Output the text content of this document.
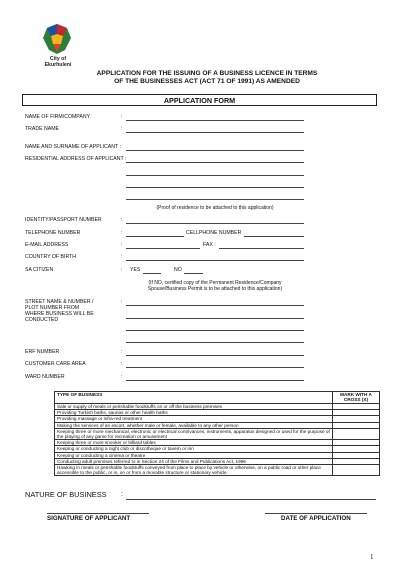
City of
Ekurhuleni
APPLICATION FOR THE ISSUING OF A BUSINESS LICENCE IN TERMS
OF THE BUSINESSES ACT (ACT 71 OF 1991) AS AMENDED
APPLICATION FORM
NAME OF FIRM/COMPANY	:
TRADE NAME	:
NAME AND SURNAME OF APPLICANT :
RESIDENTIAL ADDRESS OF APPLICANT :
(Proof of residence to be attached to this application)
IDENTITY/PASSPORT NUMBER	:
TELEPHONE NUMBER	:	CELLPHONE NUMBER
E-MAIL ADDRESS	:	FAX :
COUNTRY OF BIRTH	:
SA CITIZEN	: YES	NO
(If NO, certified copy of the Permanent Residence/Company
Spouse/Business Permit is to be attached to this application)
STREET NAME & NUMBER /
PLOT NUMBER FROM
WHERE BUSINESS WILL BE
CONDUCTED
:
ERF NUMBER	:
CUSTOMER CARE AREA	:
WARD NUMBER	:
TYPE OF BUSINESS	MARK WITH A CROSS (X)
Sale or supply of meals or perishable foodstuffs on or off the business premises	
Providing Turkish baths, saunas or other health baths	
Providing massage or infra-red treatment	
Making the services of an escort, whether male or female, available to any other person	
Keeping three or more mechanical, electronic or electrical contrivances, instruments, apparatus designed or used for the purpose of the playing of any game for recreation or amusement	
Keeping three or more snooker or billiard tables	
Keeping or conducting a night club or discotheque or tavern or inn	
Keeping or conducting a cinema or theatre	
Conducting adult premises referred to in Section 24 of the Films and Publications Act, 1996	
Hawking in meals or perishable foodstuffs conveyed from place to place by vehicle or otherwise, on a public road or other place accessible to the public, or in, on or from a movable structure or stationary vehicle.	
NATURE OF BUSINESS :
SIGNATURE OF APPLICANT	DATE OF APPLICATION
1
